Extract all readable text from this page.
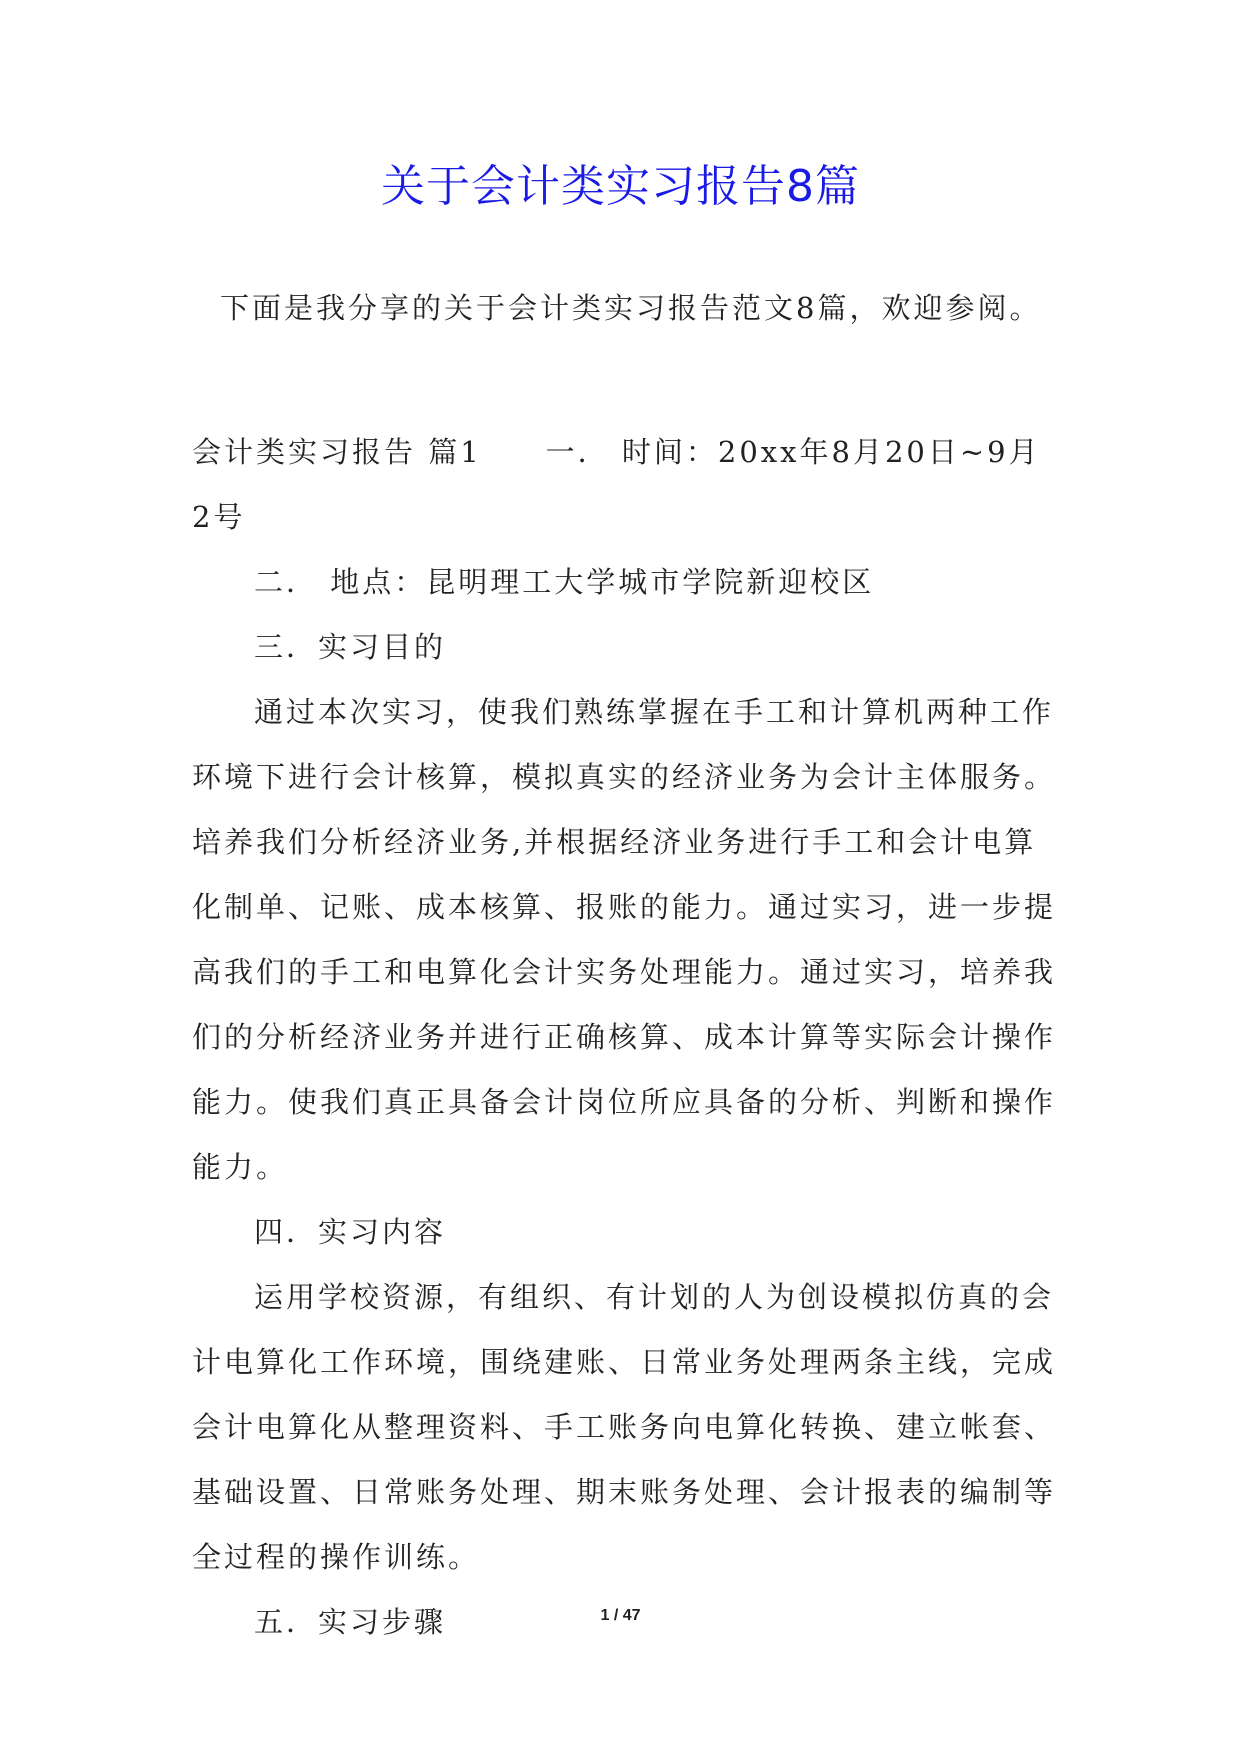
关于会计类实习报告8篇
下面是我分享的关于会计类实习报告范文8篇，欢迎参阅。

会计类实习报告 篇1　　一． 时间：20xx年8月20日~9月2号

二． 地点：昆明理工大学城市学院新迎校区

三．实习目的

通过本次实习，使我们熟练掌握在手工和计算机两种工作环境下进行会计核算，模拟真实的经济业务为会计主体服务。培养我们分析经济业务,并根据经济业务进行手工和会计电算化制单、记账、成本核算、报账的能力。通过实习，进一步提高我们的手工和电算化会计实务处理能力。通过实习，培养我们的分析经济业务并进行正确核算、成本计算等实际会计操作能力。使我们真正具备会计岗位所应具备的分析、判断和操作能力。

四．实习内容

运用学校资源，有组织、有计划的人为创设模拟仿真的会计电算化工作环境，围绕建账、日常业务处理两条主线，完成会计电算化从整理资料、手工账务向电算化转换、建立帐套、基础设置、日常账务处理、期末账务处理、会计报表的编制等全过程的操作训练。

五．实习步骤	1 / 47
